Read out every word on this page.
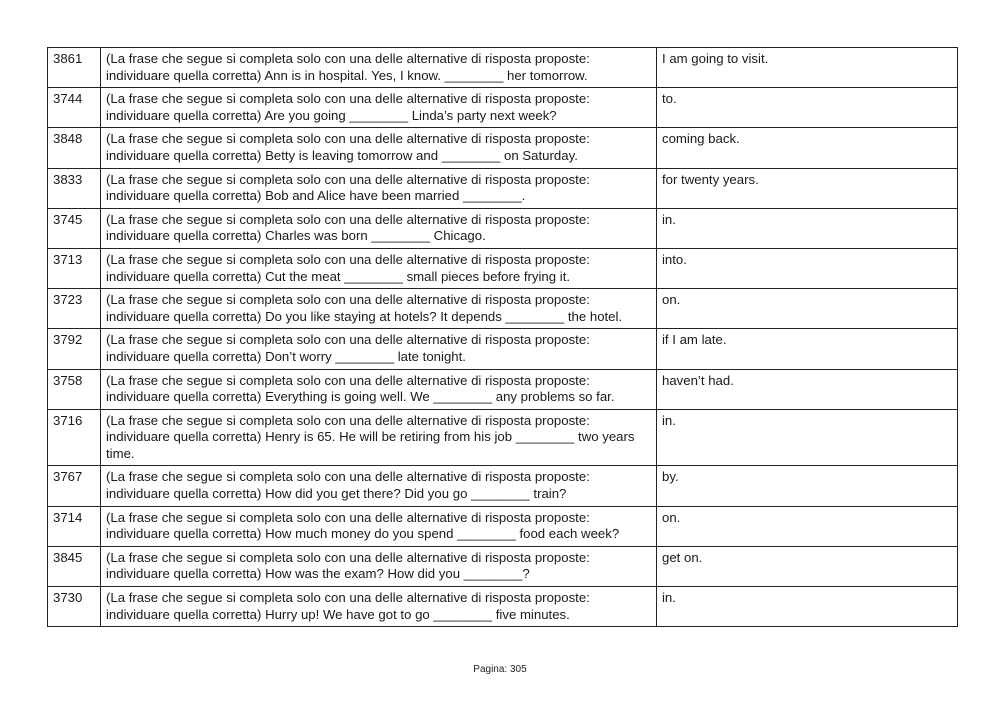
3861	(La frase che segue si completa solo con una delle alternative di risposta proposte: individuare quella corretta) Ann is in hospital. Yes, I know. ________ her tomorrow.	I am going to visit.
3744	(La frase che segue si completa solo con una delle alternative di risposta proposte: individuare quella corretta) Are you going ________ Linda’s party next week?	to.
3848	(La frase che segue si completa solo con una delle alternative di risposta proposte: individuare quella corretta) Betty is leaving tomorrow and ________ on Saturday.	coming back.
3833	(La frase che segue si completa solo con una delle alternative di risposta proposte: individuare quella corretta) Bob and Alice have been married ________.	for twenty years.
3745	(La frase che segue si completa solo con una delle alternative di risposta proposte: individuare quella corretta) Charles was born ________ Chicago.	in.
3713	(La frase che segue si completa solo con una delle alternative di risposta proposte: individuare quella corretta) Cut the meat ________ small pieces before frying it.	into.
3723	(La frase che segue si completa solo con una delle alternative di risposta proposte: individuare quella corretta) Do you like staying at hotels? It depends ________ the hotel.	on.
3792	(La frase che segue si completa solo con una delle alternative di risposta proposte: individuare quella corretta) Don’t worry ________ late tonight.	if I am late.
3758	(La frase che segue si completa solo con una delle alternative di risposta proposte: individuare quella corretta) Everything is going well. We ________ any problems so far.	haven’t had.
3716	(La frase che segue si completa solo con una delle alternative di risposta proposte: individuare quella corretta) Henry is 65. He will be retiring from his job ________ two years time.	in.
3767	(La frase che segue si completa solo con una delle alternative di risposta proposte: individuare quella corretta) How did you get there? Did you go ________ train?	by.
3714	(La frase che segue si completa solo con una delle alternative di risposta proposte: individuare quella corretta) How much money do you spend ________ food each week?	on.
3845	(La frase che segue si completa solo con una delle alternative di risposta proposte: individuare quella corretta) How was the exam? How did you ________?	get on.
3730	(La frase che segue si completa solo con una delle alternative di risposta proposte: individuare quella corretta) Hurry up! We have got to go ________ five minutes.	in.
Pagina: 305
